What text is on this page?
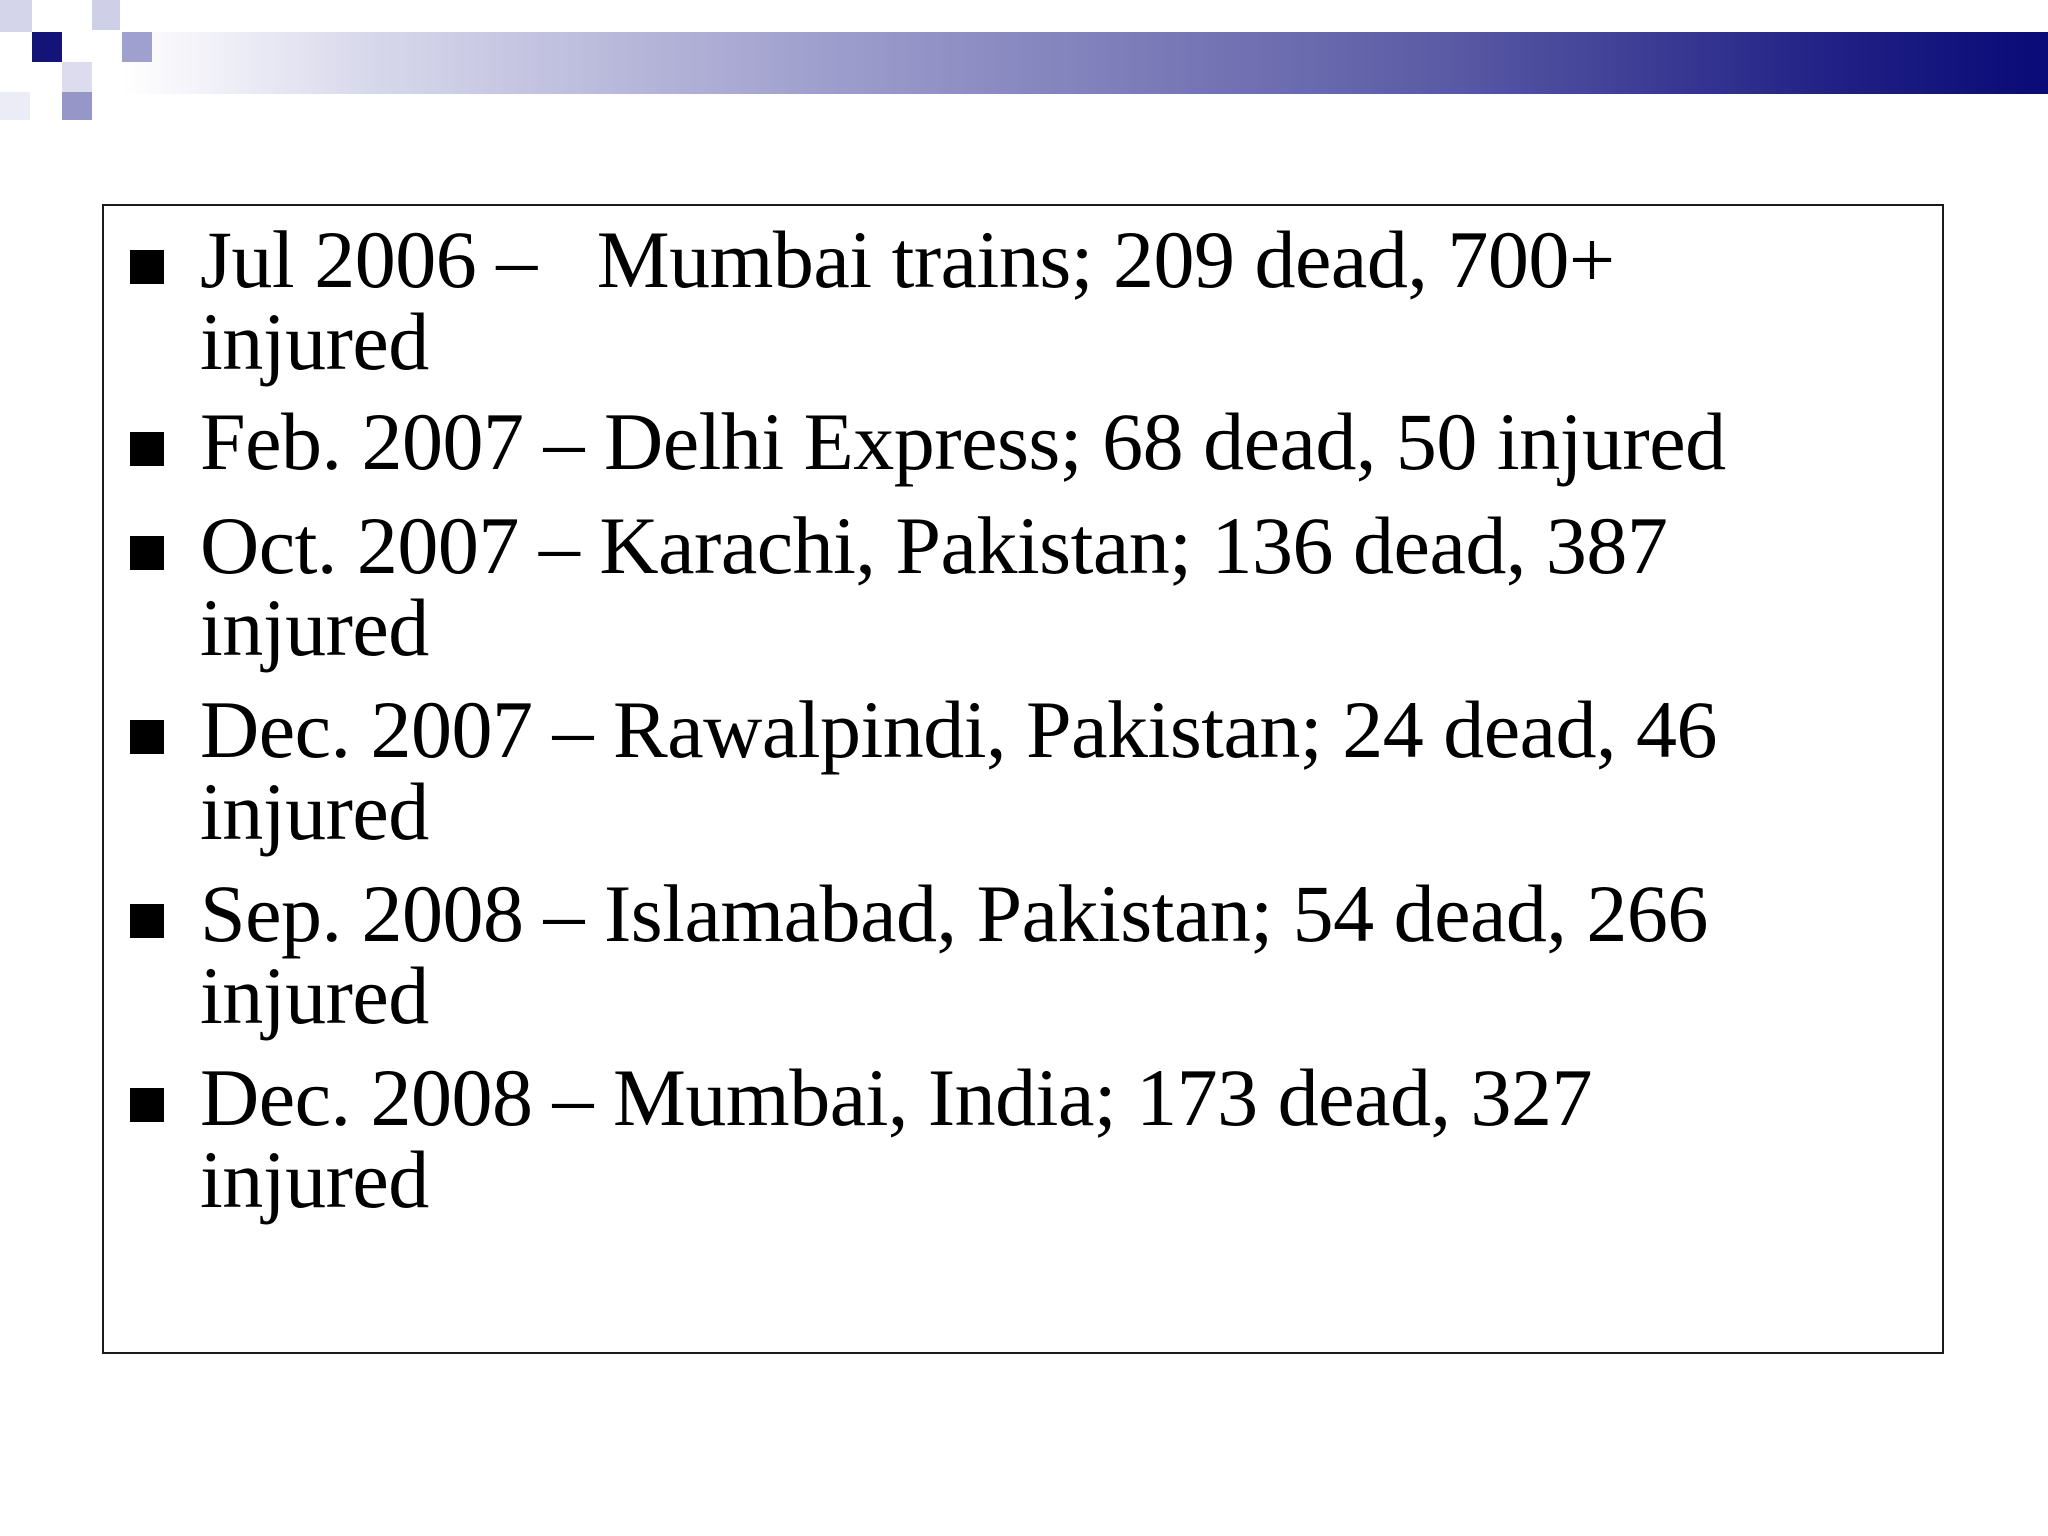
Jul 2006 –   Mumbai trains; 209 dead, 700+
injured
Feb. 2007 – Delhi Express; 68 dead, 50 injured
Oct. 2007 – Karachi, Pakistan; 136 dead, 387
injured
Dec. 2007 – Rawalpindi, Pakistan; 24 dead, 46
injured
Sep. 2008 – Islamabad, Pakistan; 54 dead, 266
injured
Dec. 2008 – Mumbai, India; 173 dead, 327
injured
